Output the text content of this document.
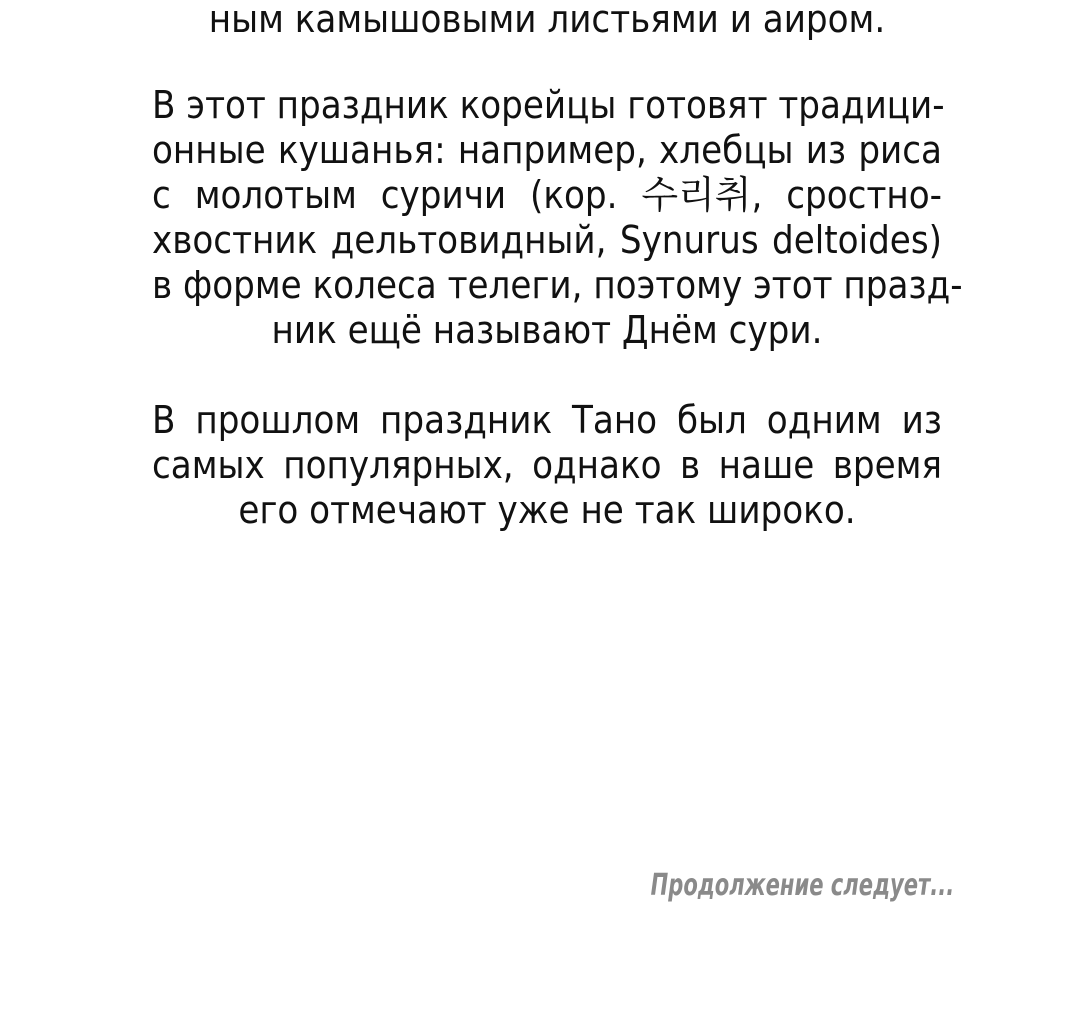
ным камышовыми листьями и аиром.
В этот праздник корейцы готовят традици-
онные кушанья: например, хлебцы из риса
с молотым суричи (кор. 수리취, сростно-
хвостник дельтовидный, Synurus deltoides)
в форме колеса телеги, поэтому этот празд-
ник ещё называют Днём сури.
В прошлом праздник Тано был одним из
самых популярных, однако в наше время
его отмечают уже не так широко.
Продолжение следует...
